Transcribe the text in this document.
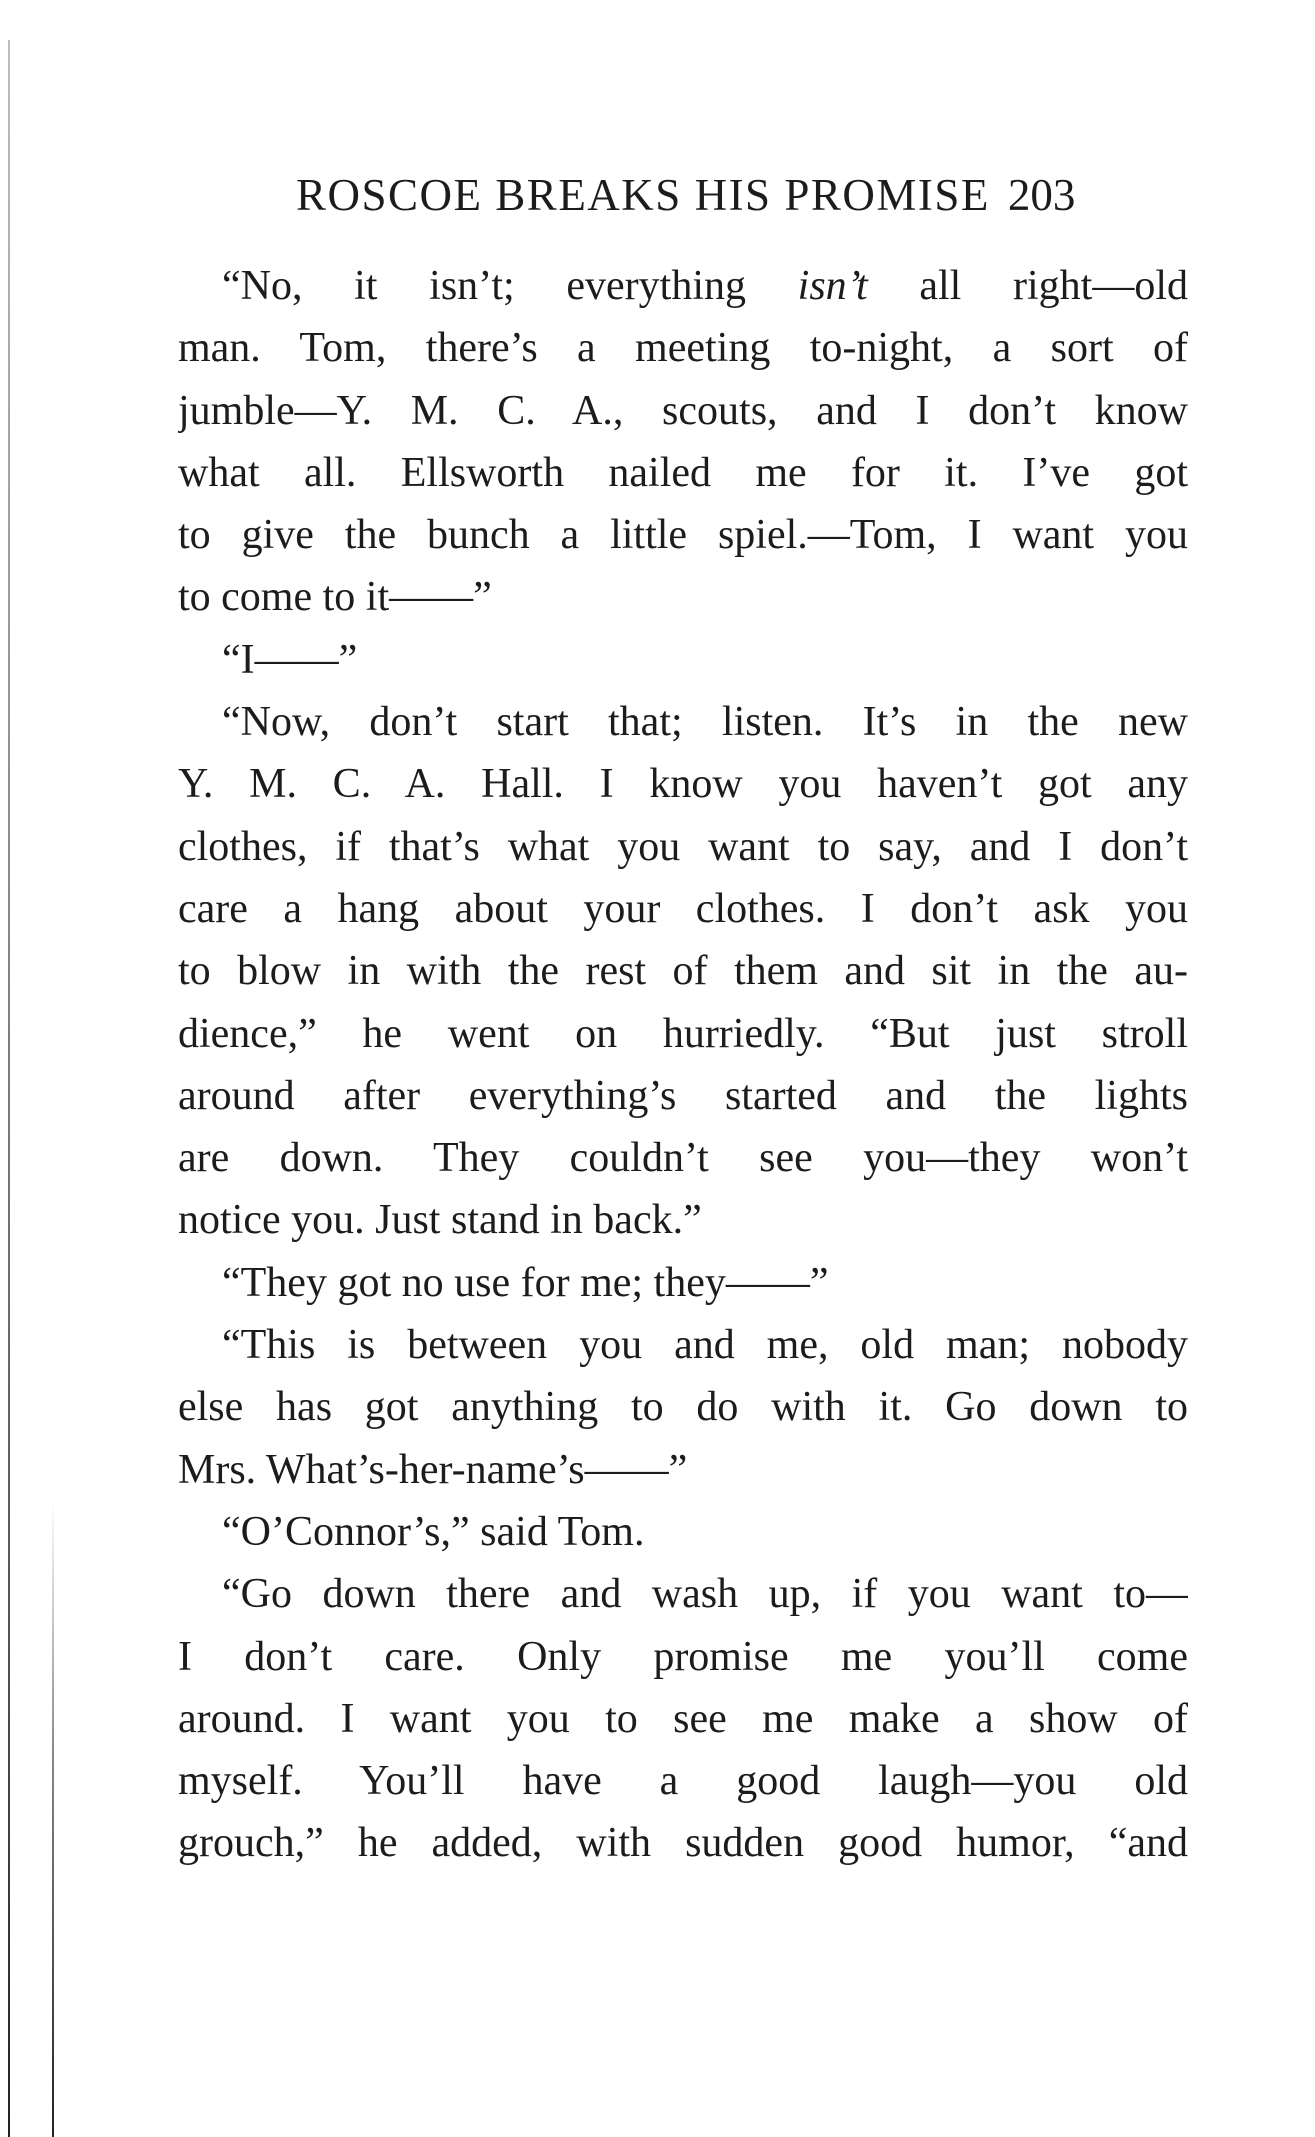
ROSCOE BREAKS HIS PROMISE 203
“No, it isn’t; everything isn’t all right—old
man. Tom, there’s a meeting to-night, a sort of
jumble—Y. M. C. A., scouts, and I don’t know
what all. Ellsworth nailed me for it. I’ve got
to give the bunch a little spiel.—Tom, I want you
to come to it——”
“I——”
“Now, don’t start that; listen. It’s in the new
Y. M. C. A. Hall. I know you haven’t got any
clothes, if that’s what you want to say, and I don’t
care a hang about your clothes. I don’t ask you
to blow in with the rest of them and sit in the au-
dience,” he went on hurriedly. “But just stroll
around after everything’s started and the lights
are down. They couldn’t see you—they won’t
notice you. Just stand in back.”
“They got no use for me; they——”
“This is between you and me, old man; nobody
else has got anything to do with it. Go down to
Mrs. What’s-her-name’s——”
“O’Connor’s,” said Tom.
“Go down there and wash up, if you want to—
I don’t care. Only promise me you’ll come
around. I want you to see me make a show of
myself. You’ll have a good laugh—you old
grouch,” he added, with sudden good humor, “and
